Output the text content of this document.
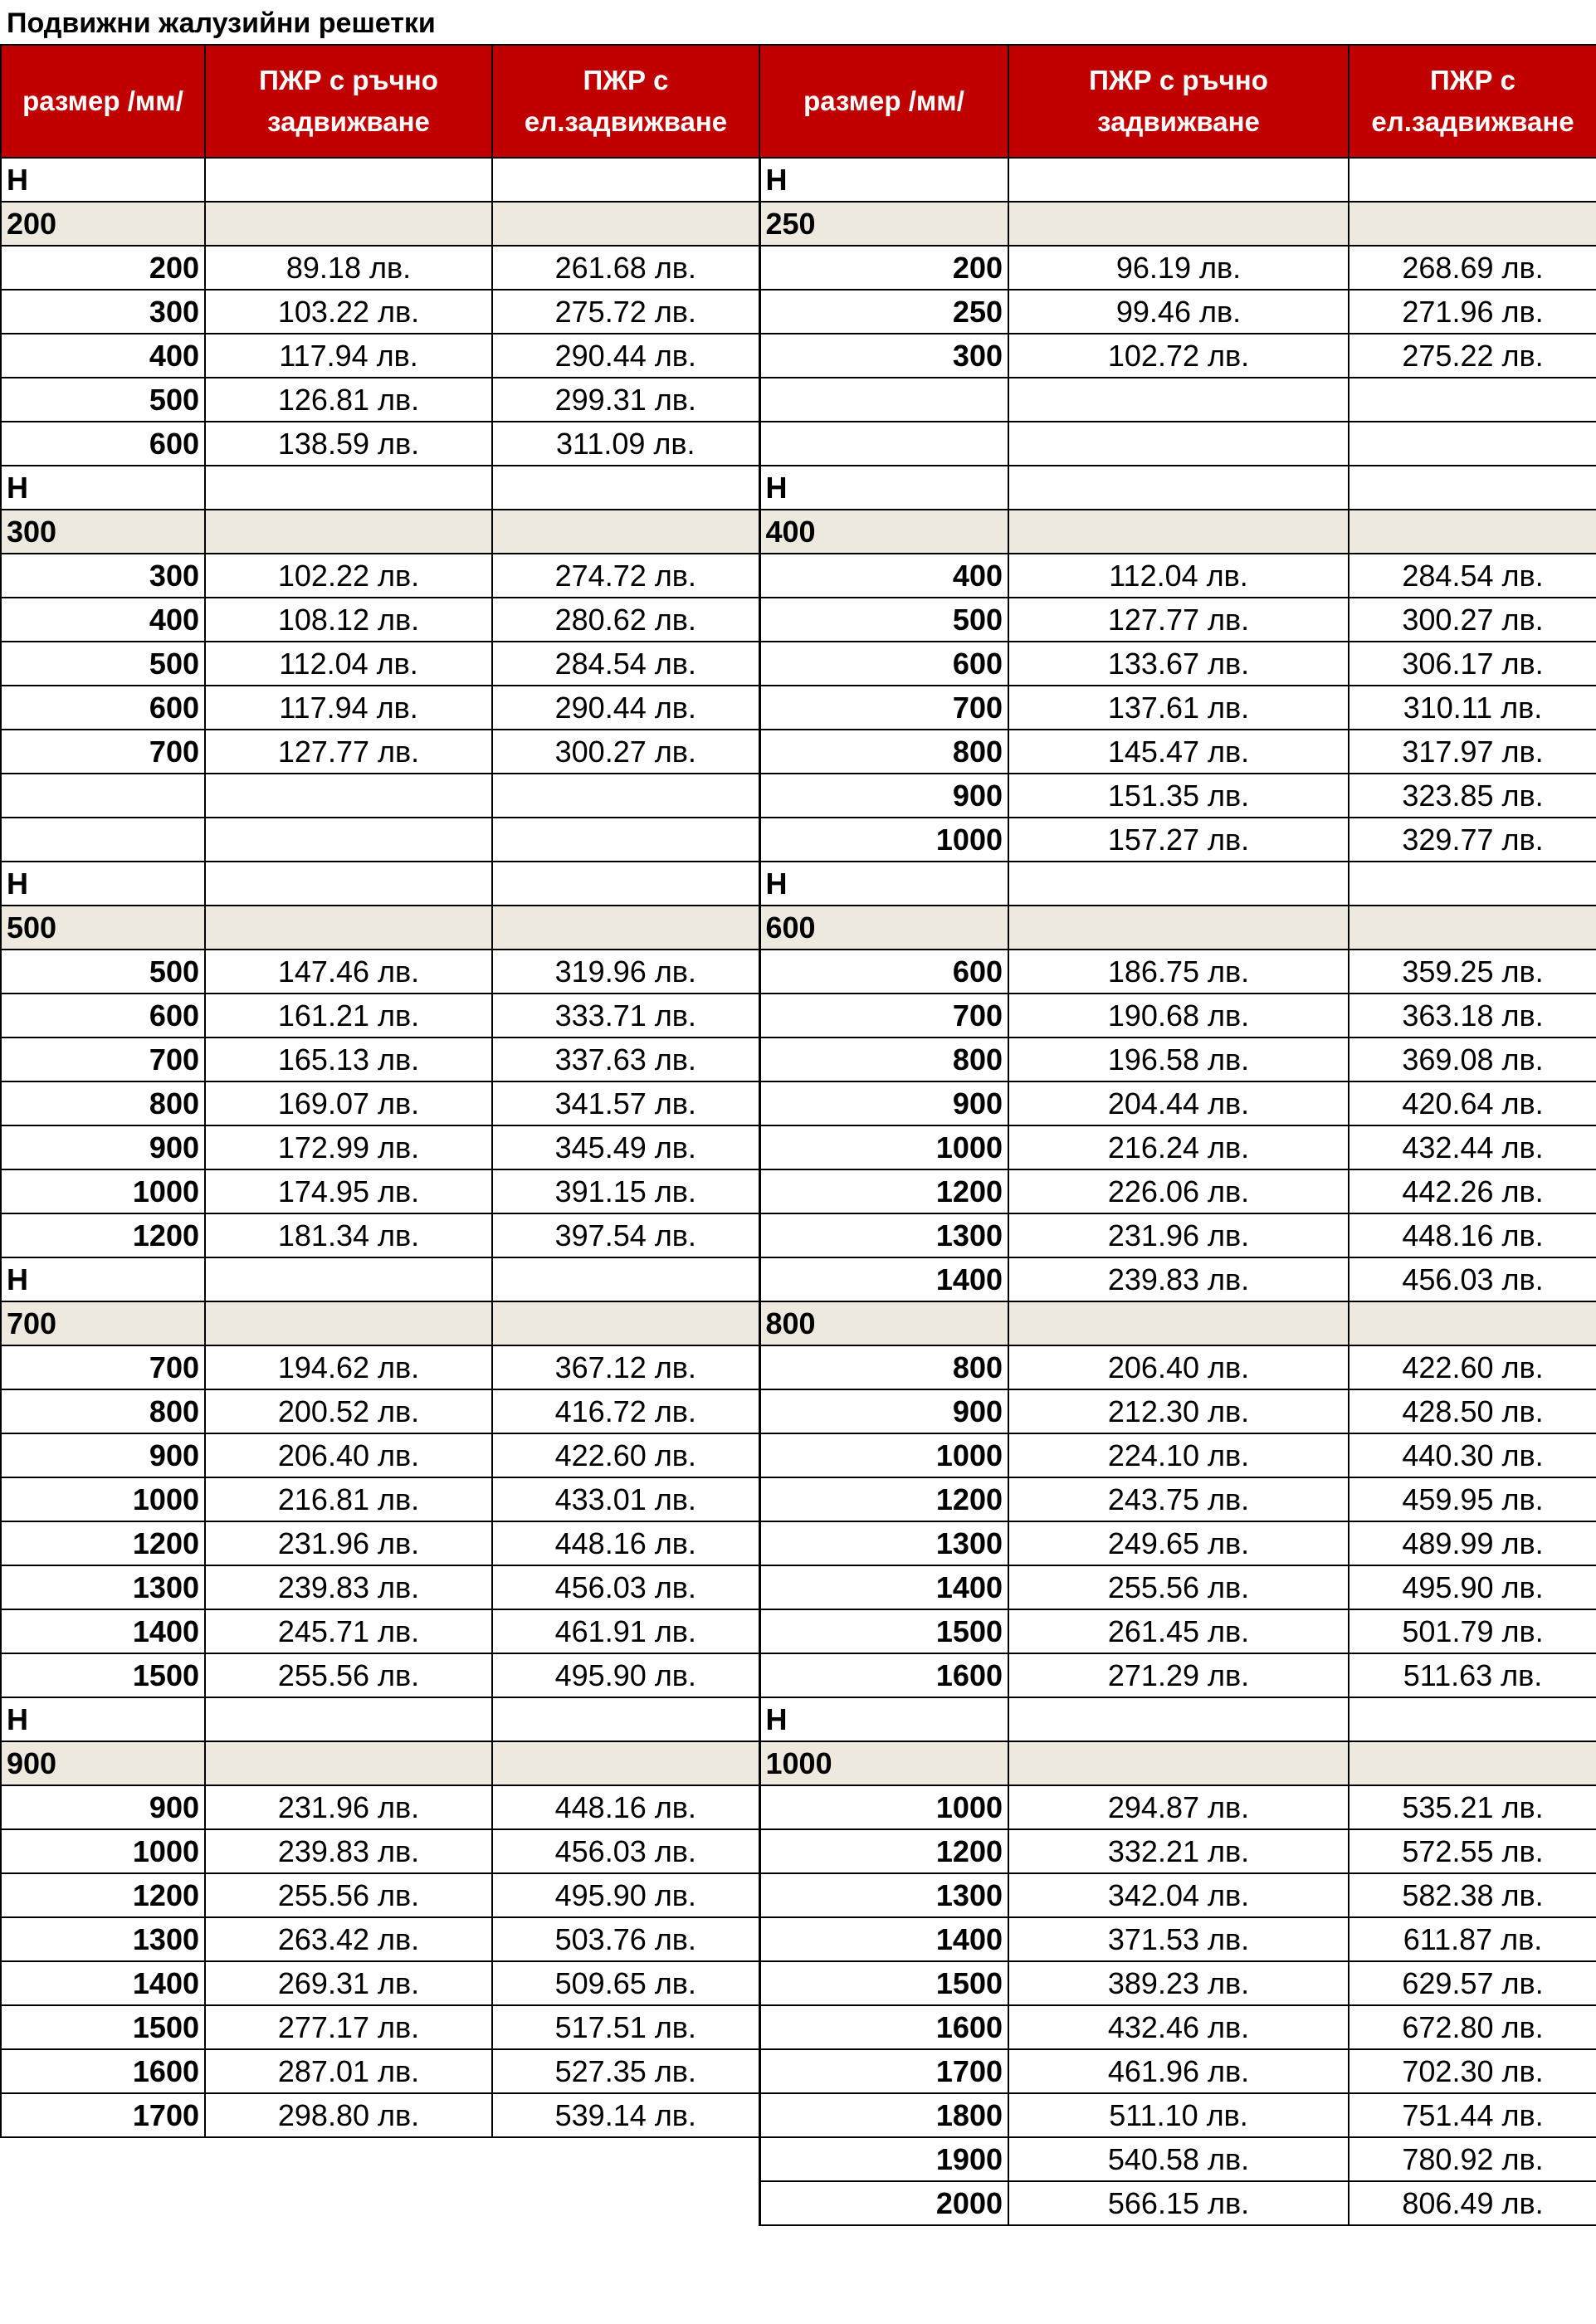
Подвижни жалузийни решетки
размер /мм/	ПЖР с ръчно задвижване	ПЖР с ел.задвижване	размер /мм/	ПЖР с ръчно задвижване	ПЖР с ел.задвижване
Н			Н		
200			250		
200	89.18 лв.	261.68 лв.	200	96.19 лв.	268.69 лв.
300	103.22 лв.	275.72 лв.	250	99.46 лв.	271.96 лв.
400	117.94 лв.	290.44 лв.	300	102.72 лв.	275.22 лв.
500	126.81 лв.	299.31 лв.			
600	138.59 лв.	311.09 лв.			
Н			Н		
300			400		
300	102.22 лв.	274.72 лв.	400	112.04 лв.	284.54 лв.
400	108.12 лв.	280.62 лв.	500	127.77 лв.	300.27 лв.
500	112.04 лв.	284.54 лв.	600	133.67 лв.	306.17 лв.
600	117.94 лв.	290.44 лв.	700	137.61 лв.	310.11 лв.
700	127.77 лв.	300.27 лв.	800	145.47 лв.	317.97 лв.
			900	151.35 лв.	323.85 лв.
			1000	157.27 лв.	329.77 лв.
Н			Н		
500			600		
500	147.46 лв.	319.96 лв.	600	186.75 лв.	359.25 лв.
600	161.21 лв.	333.71 лв.	700	190.68 лв.	363.18 лв.
700	165.13 лв.	337.63 лв.	800	196.58 лв.	369.08 лв.
800	169.07 лв.	341.57 лв.	900	204.44 лв.	420.64 лв.
900	172.99 лв.	345.49 лв.	1000	216.24 лв.	432.44 лв.
1000	174.95 лв.	391.15 лв.	1200	226.06 лв.	442.26 лв.
1200	181.34 лв.	397.54 лв.	1300	231.96 лв.	448.16 лв.
Н			1400	239.83 лв.	456.03 лв.
700			800		
700	194.62 лв.	367.12 лв.	800	206.40 лв.	422.60 лв.
800	200.52 лв.	416.72 лв.	900	212.30 лв.	428.50 лв.
900	206.40 лв.	422.60 лв.	1000	224.10 лв.	440.30 лв.
1000	216.81 лв.	433.01 лв.	1200	243.75 лв.	459.95 лв.
1200	231.96 лв.	448.16 лв.	1300	249.65 лв.	489.99 лв.
1300	239.83 лв.	456.03 лв.	1400	255.56 лв.	495.90 лв.
1400	245.71 лв.	461.91 лв.	1500	261.45 лв.	501.79 лв.
1500	255.56 лв.	495.90 лв.	1600	271.29 лв.	511.63 лв.
Н			Н		
900			1000		
900	231.96 лв.	448.16 лв.	1000	294.87 лв.	535.21 лв.
1000	239.83 лв.	456.03 лв.	1200	332.21 лв.	572.55 лв.
1200	255.56 лв.	495.90 лв.	1300	342.04 лв.	582.38 лв.
1300	263.42 лв.	503.76 лв.	1400	371.53 лв.	611.87 лв.
1400	269.31 лв.	509.65 лв.	1500	389.23 лв.	629.57 лв.
1500	277.17 лв.	517.51 лв.	1600	432.46 лв.	672.80 лв.
1600	287.01 лв.	527.35 лв.	1700	461.96 лв.	702.30 лв.
1700	298.80 лв.	539.14 лв.	1800	511.10 лв.	751.44 лв.
			1900	540.58 лв.	780.92 лв.
			2000	566.15 лв.	806.49 лв.
